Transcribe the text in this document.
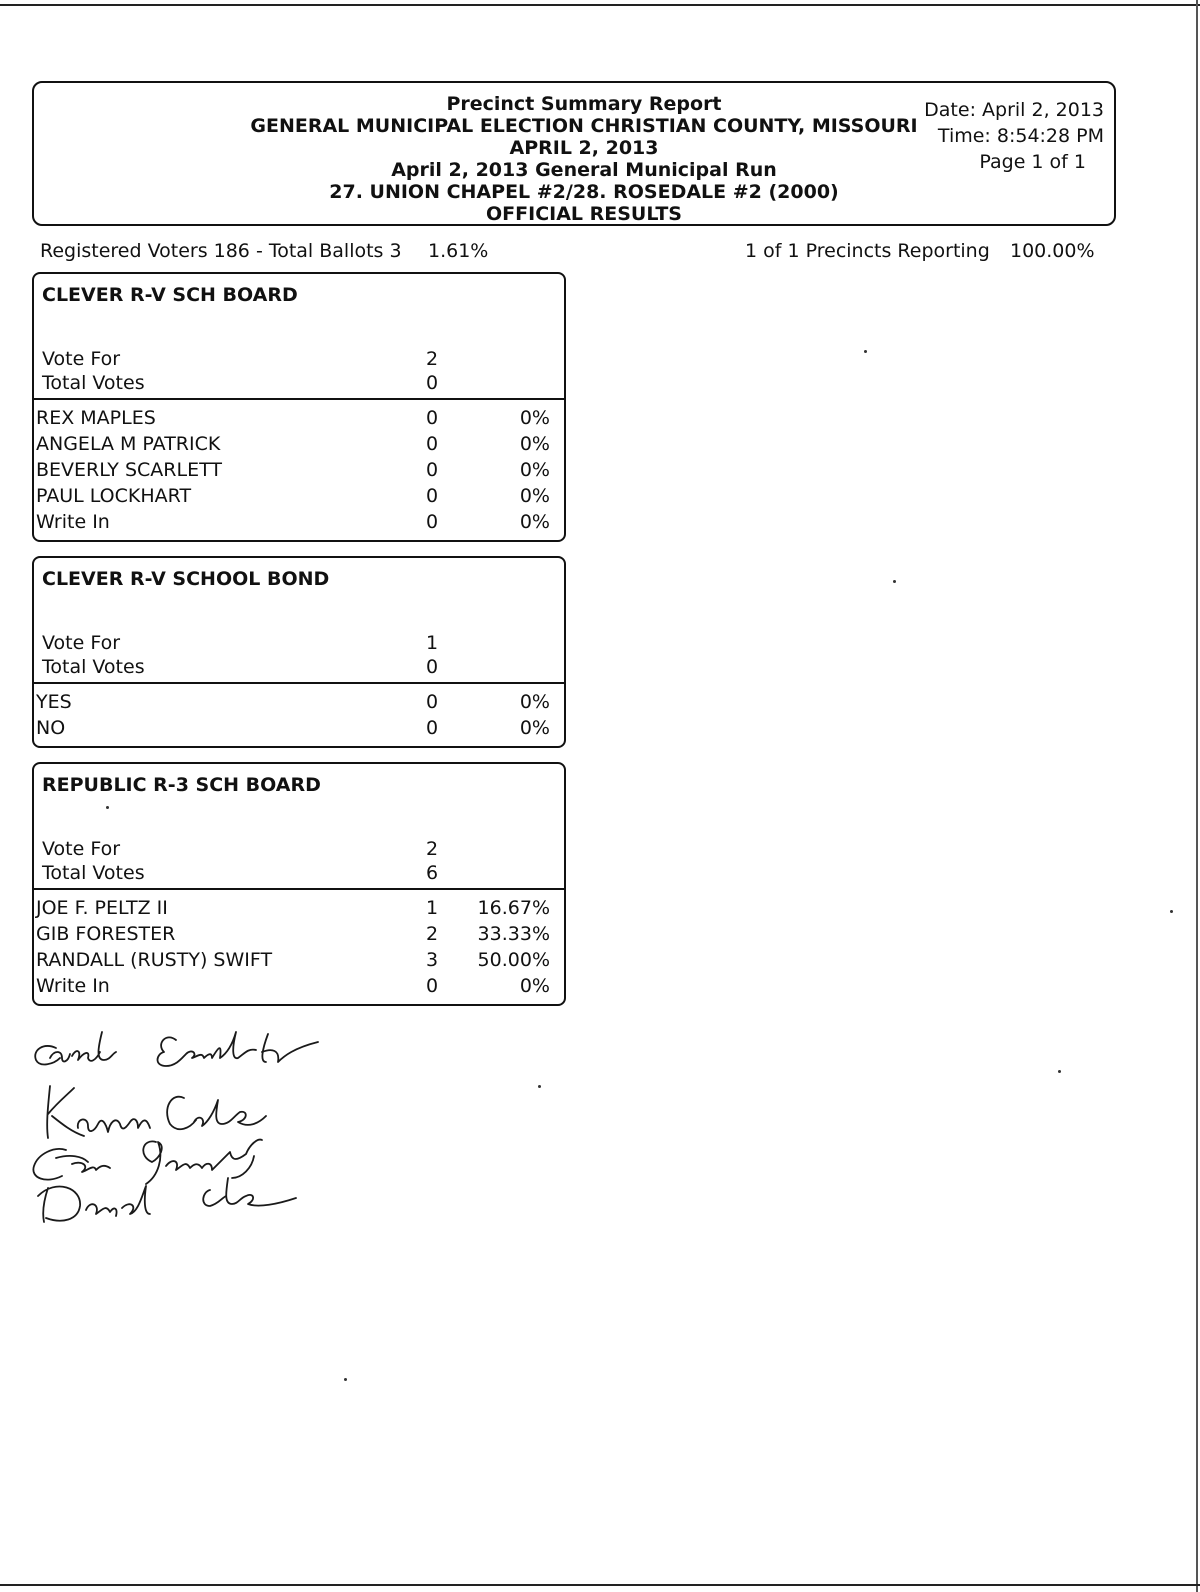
Precinct Summary Report
GENERAL MUNICIPAL ELECTION CHRISTIAN COUNTY, MISSOURI
APRIL 2, 2013
April 2, 2013 General Municipal Run
27. UNION CHAPEL #2/28. ROSEDALE #2 (2000)
OFFICIAL RESULTS
Date: April 2, 2013
Time: 8:54:28 PM
Page 1 of 1
Registered Voters 186 - Total Ballots 3 1.61%	1 of 1 Precincts Reporting 100.00%
CLEVER R-V SCH BOARD
Vote For	2
Total Votes	0
REX MAPLES	0	0%
ANGELA M PATRICK	0	0%
BEVERLY SCARLETT	0	0%
PAUL LOCKHART	0	0%
Write In	0	0%
CLEVER R-V SCHOOL BOND
Vote For	1
Total Votes	0
YES	0	0%
NO	0	0%
REPUBLIC R-3 SCH BOARD
Vote For	2
Total Votes	6
JOE F. PELTZ II	1 16.67%
GIB FORESTER	2 33.33%
RANDALL (RUSTY) SWIFT	3 50.00%
Write In	0	0%
